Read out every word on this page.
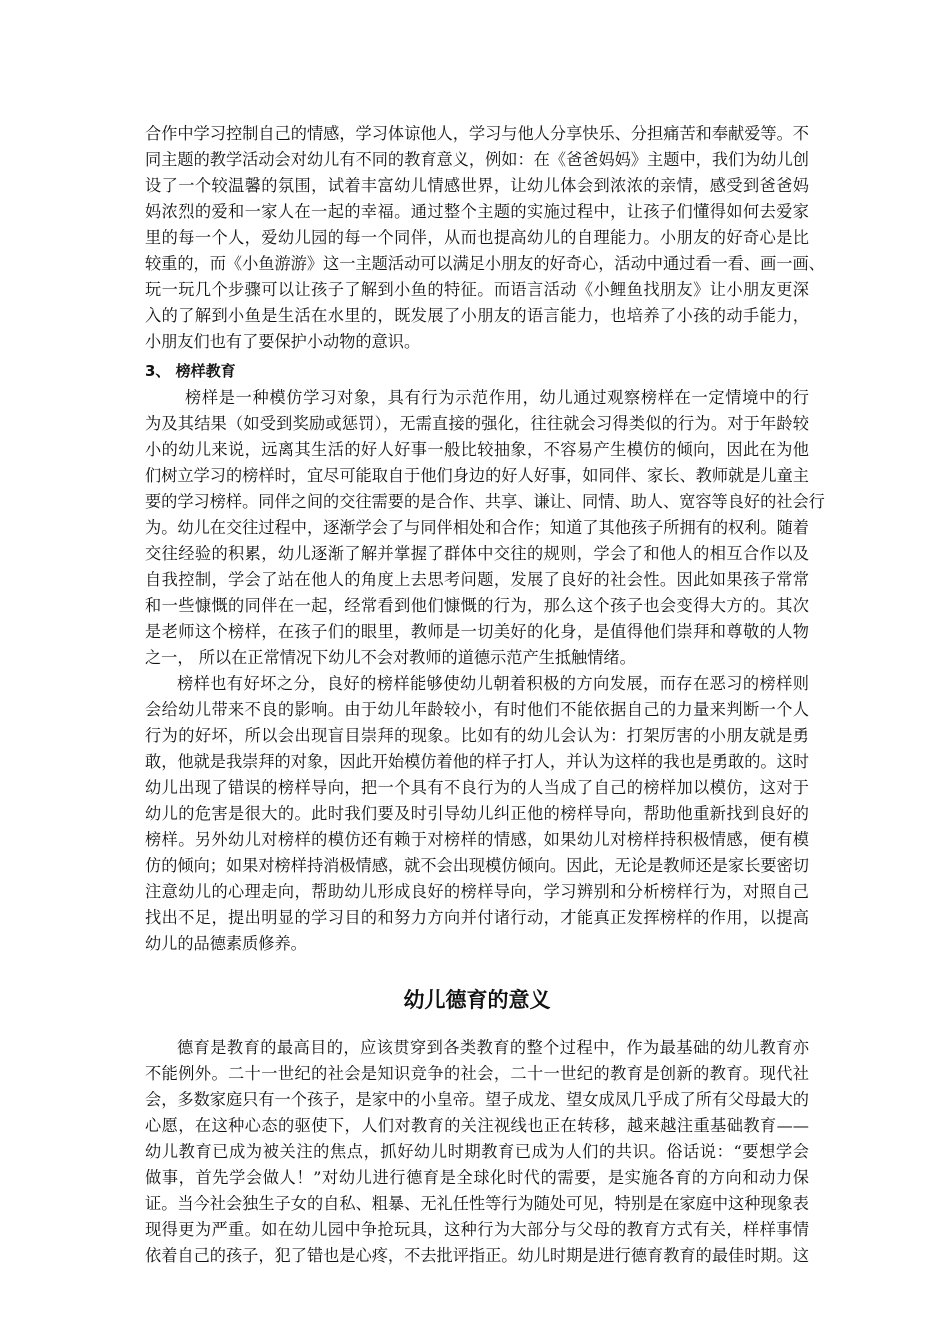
合作中学习控制自己的情感，学习体谅他人，学习与他人分享快乐、分担痛苦和奉献爱等。不
同主题的教学活动会对幼儿有不同的教育意义，例如：在《爸爸妈妈》主题中，我们为幼儿创
设了一个较温馨的氛围，试着丰富幼儿情感世界，让幼儿体会到浓浓的亲情，感受到爸爸妈
妈浓烈的爱和一家人在一起的幸福。通过整个主题的实施过程中，让孩子们懂得如何去爱家
里的每一个人，爱幼儿园的每一个同伴，从而也提高幼儿的自理能力。小朋友的好奇心是比
较重的，而《小鱼游游》这一主题活动可以满足小朋友的好奇心，活动中通过看一看、画一画、
玩一玩几个步骤可以让孩子了解到小鱼的特征。而语言活动《小鲤鱼找朋友》让小朋友更深
入的了解到小鱼是生活在水里的，既发展了小朋友的语言能力，也培养了小孩的动手能力，
小朋友们也有了要保护小动物的意识。
3、 榜样教育
榜样是一种模仿学习对象，具有行为示范作用，幼儿通过观察榜样在一定情境中的行
为及其结果（如受到奖励或惩罚），无需直接的强化，往往就会习得类似的行为。对于年龄较
小的幼儿来说，远离其生活的好人好事一般比较抽象，不容易产生模仿的倾向，因此在为他
们树立学习的榜样时，宜尽可能取自于他们身边的好人好事，如同伴、家长、教师就是儿童主
要的学习榜样。同伴之间的交往需要的是合作、共享、谦让、同情、助人、宽容等良好的社会行
为。幼儿在交往过程中，逐渐学会了与同伴相处和合作；知道了其他孩子所拥有的权利。随着
交往经验的积累，幼儿逐渐了解并掌握了群体中交往的规则，学会了和他人的相互合作以及
自我控制，学会了站在他人的角度上去思考问题，发展了良好的社会性。因此如果孩子常常
和一些慷慨的同伴在一起，经常看到他们慷慨的行为，那么这个孩子也会变得大方的。其次
是老师这个榜样，在孩子们的眼里，教师是一切美好的化身，是值得他们崇拜和尊敬的人物
之一， 所以在正常情况下幼儿不会对教师的道德示范产生抵触情绪。
榜样也有好坏之分，良好的榜样能够使幼儿朝着积极的方向发展，而存在恶习的榜样则
会给幼儿带来不良的影响。由于幼儿年龄较小，有时他们不能依据自己的力量来判断一个人
行为的好坏，所以会出现盲目崇拜的现象。比如有的幼儿会认为：打架厉害的小朋友就是勇
敢，他就是我崇拜的对象，因此开始模仿着他的样子打人，并认为这样的我也是勇敢的。这时
幼儿出现了错误的榜样导向，把一个具有不良行为的人当成了自己的榜样加以模仿，这对于
幼儿的危害是很大的。此时我们要及时引导幼儿纠正他的榜样导向，帮助他重新找到良好的
榜样。另外幼儿对榜样的模仿还有赖于对榜样的情感，如果幼儿对榜样持积极情感，便有模
仿的倾向；如果对榜样持消极情感，就不会出现模仿倾向。因此，无论是教师还是家长要密切
注意幼儿的心理走向，帮助幼儿形成良好的榜样导向，学习辨别和分析榜样行为，对照自己
找出不足，提出明显的学习目的和努力方向并付诸行动，才能真正发挥榜样的作用，以提高
幼儿的品德素质修养。
幼儿德育的意义
德育是教育的最高目的，应该贯穿到各类教育的整个过程中，作为最基础的幼儿教育亦
不能例外。二十一世纪的社会是知识竞争的社会，二十一世纪的教育是创新的教育。现代社
会，多数家庭只有一个孩子，是家中的小皇帝。望子成龙、望女成凤几乎成了所有父母最大的
心愿，在这种心态的驱使下，人们对教育的关注视线也正在转移，越来越注重基础教育——
幼儿教育已成为被关注的焦点，抓好幼儿时期教育已成为人们的共识。俗话说：“要想学会
做事，首先学会做人！”对幼儿进行德育是全球化时代的需要，是实施各育的方向和动力保
证。当今社会独生子女的自私、粗暴、无礼任性等行为随处可见，特别是在家庭中这种现象表
现得更为严重。如在幼儿园中争抢玩具，这种行为大部分与父母的教育方式有关，样样事情
依着自己的孩子，犯了错也是心疼，不去批评指正。幼儿时期是进行德育教育的最佳时期。这
